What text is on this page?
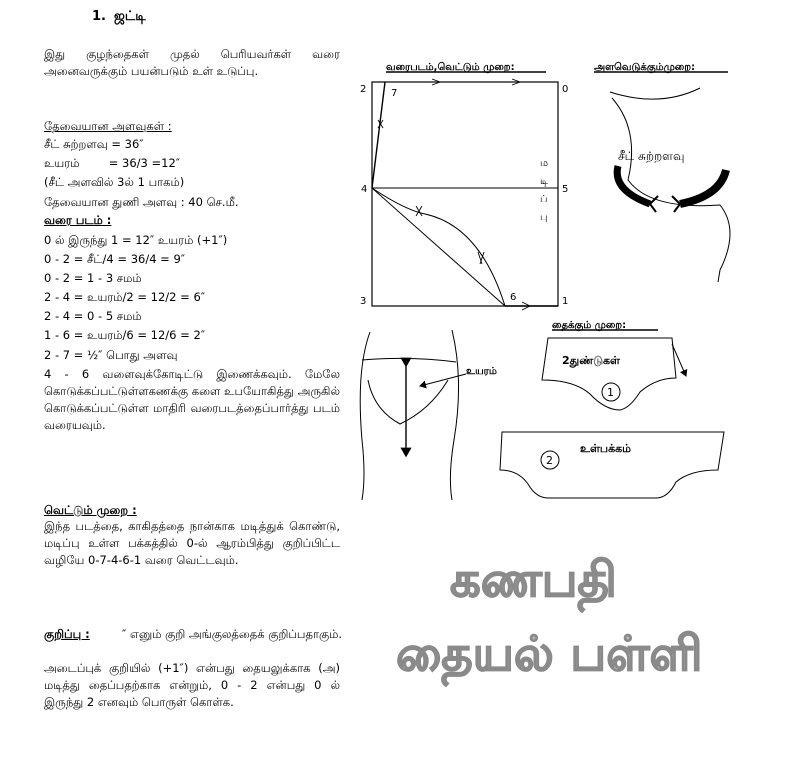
1. ஜட்டி
இது குழந்தைகள் முதல் பெரியவர்கள் வரை அனைவருக்கும் பயன்படும் உள் உடுப்பு.
தேவையான அளவுகள் :
சீட் சுற்றளவு = 36″
உயரம்        = 36/3 =12″
(சீட் அளவில் 3ல் 1 பாகம்)
தேவையான துணி அளவு : 40 செ.மீ.
வரை படம் :
0 ல் இருந்து 1 = 12″ உயரம் (+1″)
0 - 2 = சீட்/4 = 36/4 = 9″
0 - 2 = 1 - 3 சமம்
2 - 4 = உயரம்/2 = 12/2 = 6″
2 - 4 = 0 - 5 சமம்
1 - 6 = உயரம்/6 = 12/6 = 2″
2 - 7 = ½″ பொது அளவு
4 - 6 வளைவுக்கோடிட்டு இணைக்கவும். மேலே கொடுக்கப்பட்டுள்ளகணக்கு களை உபயோகித்து அருகில் கொடுக்கப்பட்டுள்ள மாதிரி வரைபடத்தைப்பார்த்து படம் வரையவும்.
வெட்டும் முறை :
இந்த படத்தை, காகிதத்தை நான்காக மடித்துக் கொண்டு, மடிப்பு உள்ள பக்கத்தில் 0-ல் ஆரம்பித்து குறிப்பிட்ட வழியே 0-7-4-6-1 வரை வெட்டவும்.
குறிப்பு :	″ எனும் குறி அங்குலத்தைக் குறிப்பதாகும்.
அடைப்புக் குறியில் (+1″) என்பது தையலுக்காக (அ) மடித்து தைப்பதற்காக என்றும், 0 - 2 என்பது 0 ல் இருந்து 2 எனவும் பொருள் கொள்க.
வரைபடம்,வெட்டும் முறை:
0
1
2
3
4	5
6
7
ம
டி
ப்
பு
அளவெடுக்கும்முறை:
சீட் சுற்றளவு
உயரம்
தைக்கும் முறை:
2துண்டுகள்
1
உள்பக்கம்
2
கணபதி
தையல் பள்ளி
